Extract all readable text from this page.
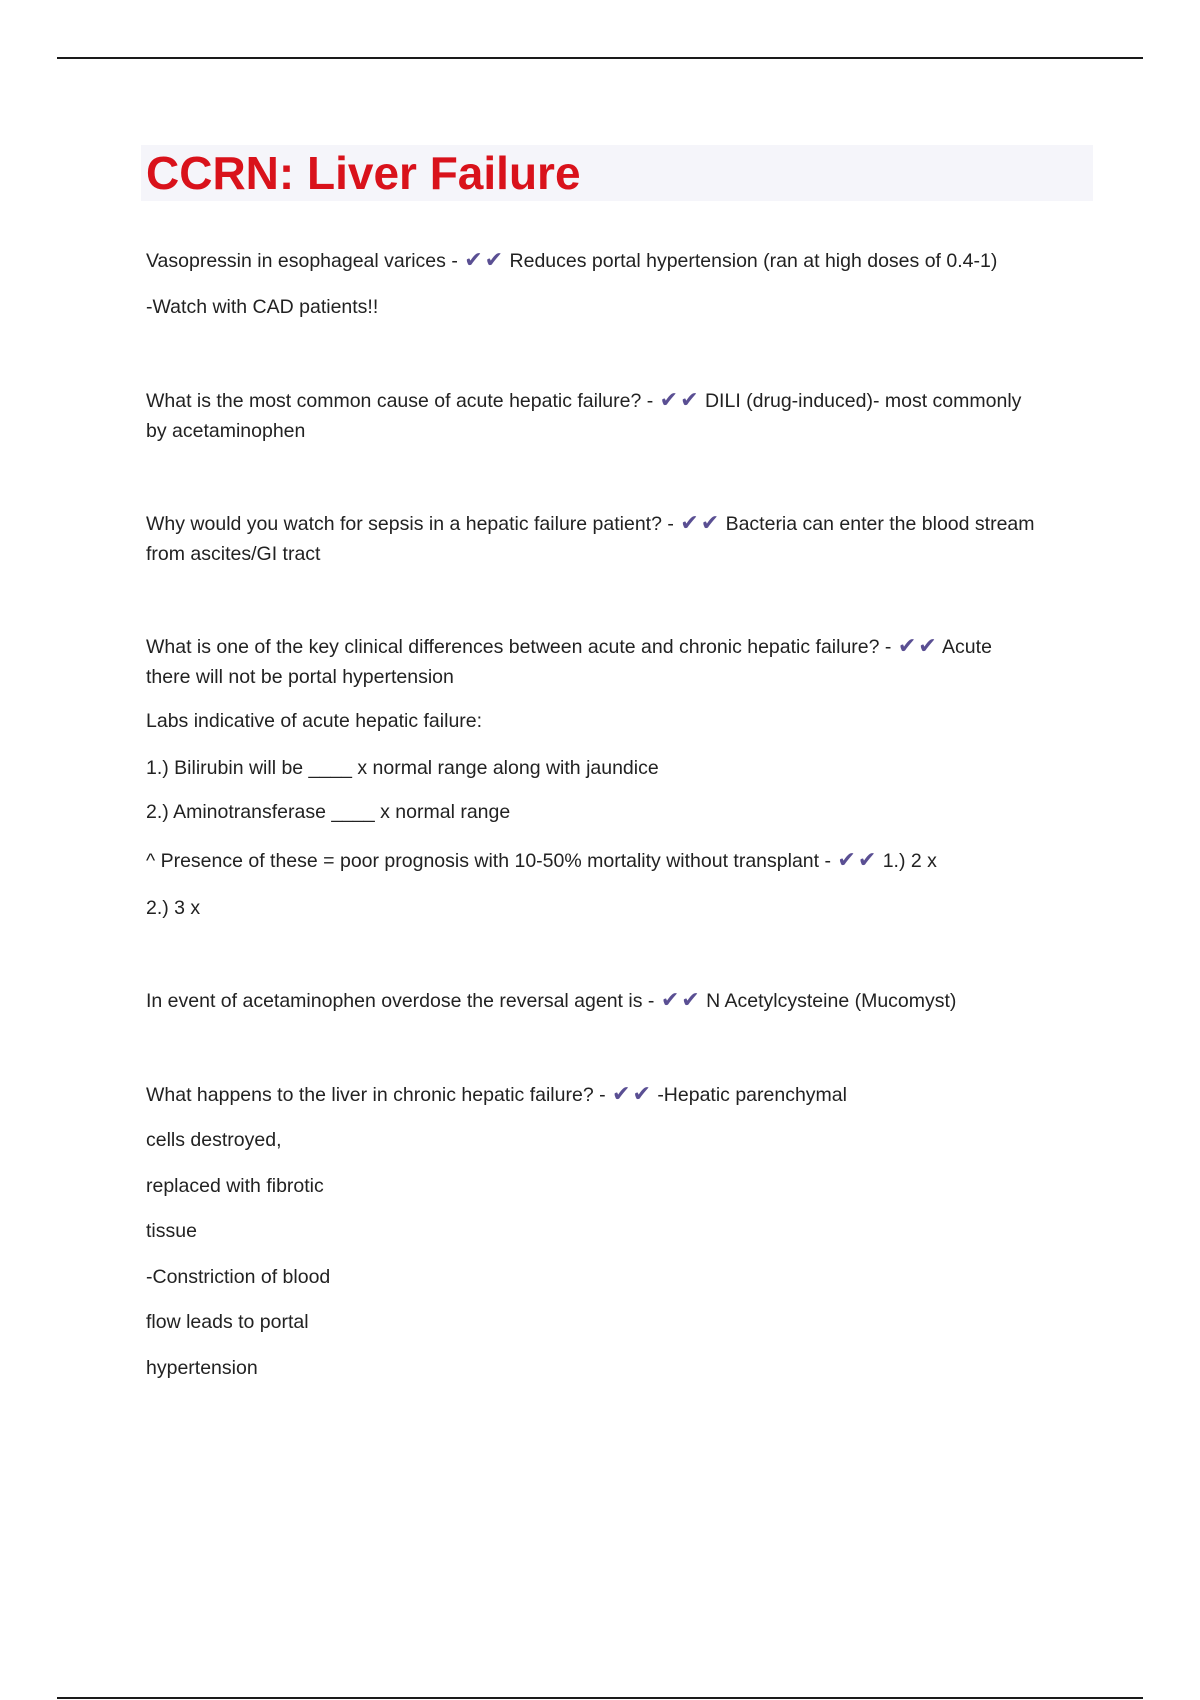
CCRN: Liver Failure
Vasopressin in esophageal varices - ✔✔ Reduces portal hypertension (ran at high doses of 0.4-1)
-Watch with CAD patients!!
What is the most common cause of acute hepatic failure? - ✔✔ DILI (drug-induced)- most commonly
by acetaminophen
Why would you watch for sepsis in a hepatic failure patient? - ✔✔ Bacteria can enter the blood stream
from ascites/GI tract
What is one of the key clinical differences between acute and chronic hepatic failure? - ✔✔ Acute
there will not be portal hypertension
Labs indicative of acute hepatic failure:
1.) Bilirubin will be ____ x normal range along with jaundice
2.) Aminotransferase ____ x normal range
^ Presence of these = poor prognosis with 10-50% mortality without transplant - ✔✔ 1.) 2 x
2.) 3 x
In event of acetaminophen overdose the reversal agent is - ✔✔ N Acetylcysteine (Mucomyst)
What happens to the liver in chronic hepatic failure? - ✔✔ -Hepatic parenchymal
cells destroyed,
replaced with fibrotic
tissue
-Constriction of blood
flow leads to portal
hypertension
